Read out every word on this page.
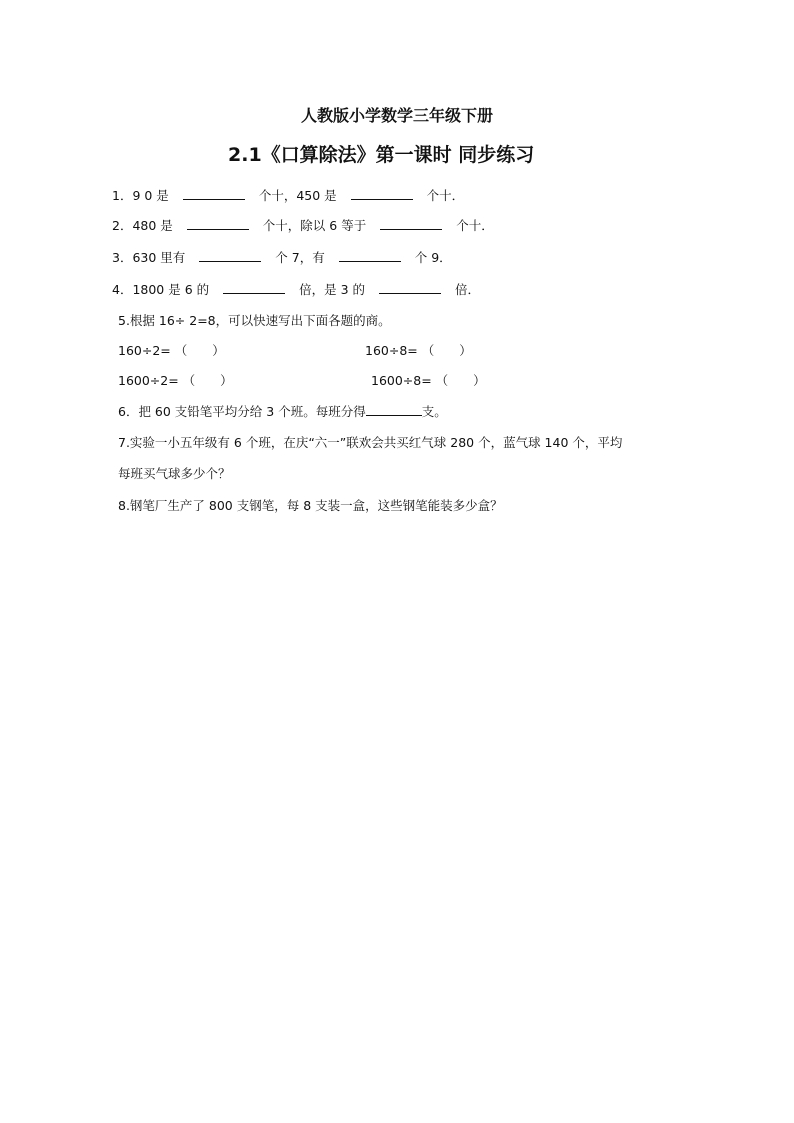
人教版小学数学三年级下册
2.1《口算除法》第一课时 同步练习
1．9 0 是	个十，450 是	个十．
2．480 是	个十，除以 6 等于	个十．
3．630 里有	个 7，有	个 9．
4．1800 是 6 的	倍，是 3 的	倍．
5.根据 16÷ 2=8，可以快速写出下面各题的商。
160÷2= （　　）	160÷8= （　　）
1600÷2= （　　）	1600÷8= （　　）
6．把 60 支铅笔平均分给 3 个班。每班分得	支。
7.实验一小五年级有 6 个班，在庆“六一”联欢会共买红气球 280 个，蓝气球 140 个，平均
每班买气球多少个？
8.钢笔厂生产了 800 支钢笔，每 8 支装一盒，这些钢笔能装多少盒？
